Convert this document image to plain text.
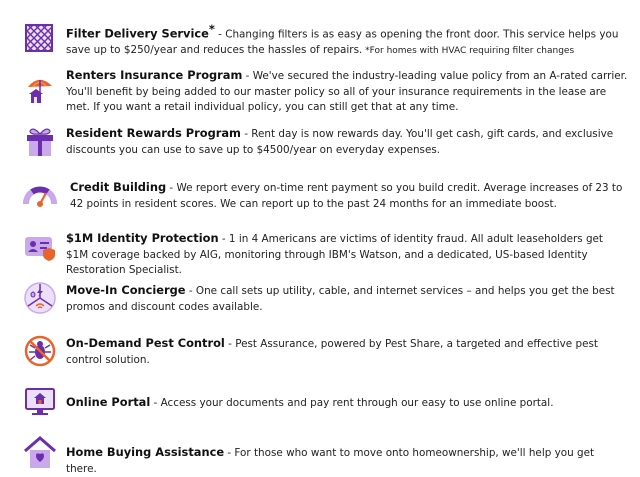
Filter Delivery Service* - Changing filters is as easy as opening the front door. This service helps you save up to $250/year and reduces the hassles of repairs. *For homes with HVAC requiring filter changes
Renters Insurance Program - We've secured the industry-leading value policy from an A-rated carrier. You'll benefit by being added to our master policy so all of your insurance requirements in the lease are met. If you want a retail individual policy, you can still get that at any time.
Resident Rewards Program - Rent day is now rewards day. You'll get cash, gift cards, and exclusive discounts you can use to save up to $4500/year on everyday expenses.
Credit Building - We report every on-time rent payment so you build credit. Average increases of 23 to 42 points in resident scores. We can report up to the past 24 months for an immediate boost.
$1M Identity Protection - 1 in 4 Americans are victims of identity fraud. All adult leaseholders get $1M coverage backed by AIG, monitoring through IBM's Watson, and a dedicated, US-based Identity Restoration Specialist.
Move-In Concierge - One call sets up utility, cable, and internet services – and helps you get the best promos and discount codes available.
On-Demand Pest Control - Pest Assurance, powered by Pest Share, a targeted and effective pest control solution.
Online Portal - Access your documents and pay rent through our easy to use online portal.
Home Buying Assistance - For those who want to move onto homeownership, we'll help you get there.
